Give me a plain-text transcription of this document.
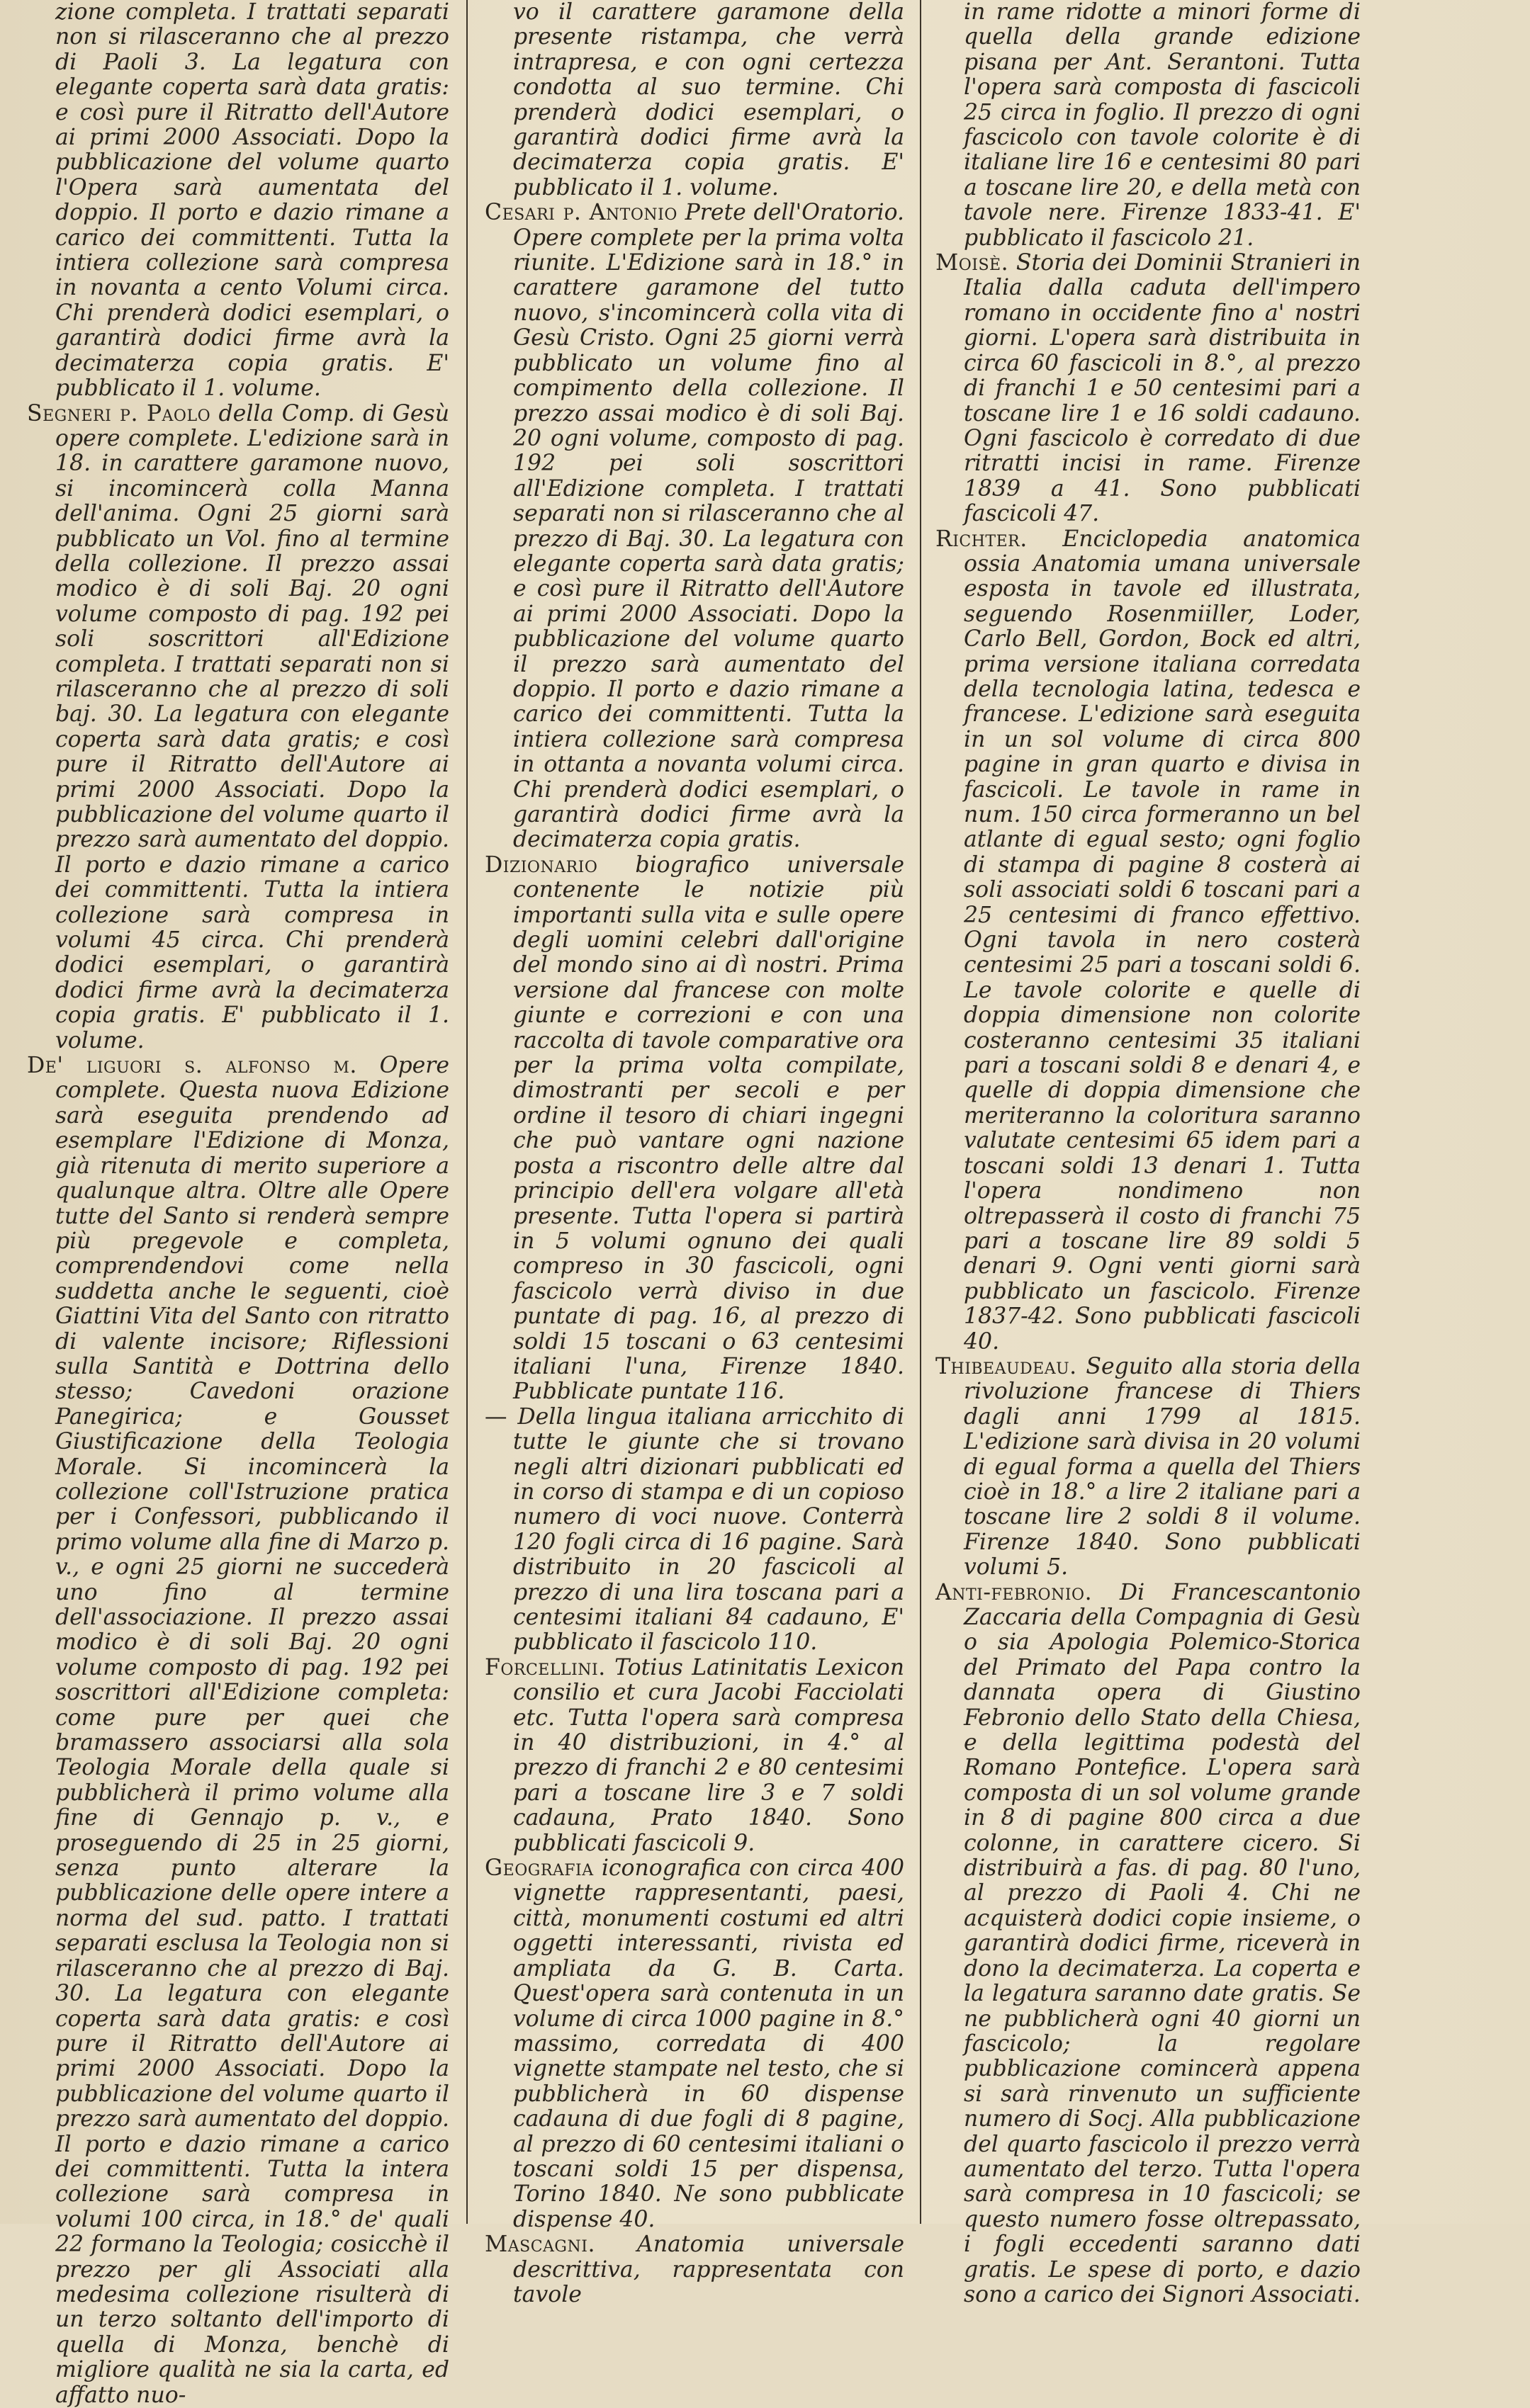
zione completa. I trattati separati non si rilasceranno che al prezzo di Paoli 3. La legatura con elegante coperta sarà data gratis: e così pure il Ritratto dell'Autore ai primi 2000 Associati. Dopo la pubblicazione del volume quarto l'Opera sarà aumentata del doppio. Il porto e dazio rimane a carico dei committenti. Tutta la intiera collezione sarà compresa in novanta a cento Volumi circa. Chi prenderà dodici esemplari, o garantirà dodici firme avrà la decimaterza copia gratis. E' pubblicato il 1. volume.

Segneri p. Paolo della Comp. di Gesù opere complete. L'edizione sarà in 18. in carattere garamone nuovo, si incomincerà colla Manna dell'anima. Ogni 25 giorni sarà pubblicato un Vol. fino al termine della collezione. Il prezzo assai modico è di soli Baj. 20 ogni volume composto di pag. 192 pei soli soscrittori all'Edizione completa. I trattati separati non si rilasceranno che al prezzo di soli baj. 30. La legatura con elegante coperta sarà data gratis; e così pure il Ritratto dell'Autore ai primi 2000 Associati. Dopo la pubblicazione del volume quarto il prezzo sarà aumentato del doppio. Il porto e dazio rimane a carico dei committenti. Tutta la intiera collezione sarà compresa in volumi 45 circa. Chi prenderà dodici esemplari, o garantirà dodici firme avrà la decimaterza copia gratis. E' pubblicato il 1. volume.

De' liguori s. alfonso m. Opere complete. Questa nuova Edizione sarà eseguita prendendo ad esemplare l'Edizione di Monza, già ritenuta di merito superiore a qualunque altra. Oltre alle Opere tutte del Santo si renderà sempre più pregevole e completa, comprendendovi come nella suddetta anche le seguenti, cioè Giattini Vita del Santo con ritratto di valente incisore; Riflessioni sulla Santità e Dottrina dello stesso; Cavedoni orazione Panegirica; e Gousset Giustificazione della Teologia Morale. Si incomincerà la collezione coll'Istruzione pratica per i Confessori, pubblicando il primo volume alla fine di Marzo p. v., e ogni 25 giorni ne succederà uno fino al termine dell'associazione. Il prezzo assai modico è di soli Baj. 20 ogni volume composto di pag. 192 pei soscrittori all'Edizione completa: come pure per quei che bramassero associarsi alla sola Teologia Morale della quale si pubblicherà il primo volume alla fine di Gennajo p. v., e proseguendo di 25 in 25 giorni, senza punto alterare la pubblicazione delle opere intere a norma del sud. patto. I trattati separati esclusa la Teologia non si rilasceranno che al prezzo di Baj. 30. La legatura con elegante coperta sarà data gratis: e così pure il Ritratto dell'Autore ai primi 2000 Associati. Dopo la pubblicazione del volume quarto il prezzo sarà aumentato del doppio. Il porto e dazio rimane a carico dei committenti. Tutta la intera collezione sarà compresa in volumi 100 circa, in 18.° de' quali 22 formano la Teologia; cosicchè il prezzo per gli Associati alla medesima collezione risulterà di un terzo soltanto dell'importo di quella di Monza, benchè di migliore qualità ne sia la carta, ed affatto nuo-

vo il carattere garamone della presente ristampa, che verrà intrapresa, e con ogni certezza condotta al suo termine. Chi prenderà dodici esemplari, o garantirà dodici firme avrà la decimaterza copia gratis. E' pubblicato il 1. volume.

Cesari p. Antonio Prete dell'Oratorio. Opere complete per la prima volta riunite. L'Edizione sarà in 18.° in carattere garamone del tutto nuovo, s'incomincerà colla vita di Gesù Cristo. Ogni 25 giorni verrà pubblicato un volume fino al compimento della collezione. Il prezzo assai modico è di soli Baj. 20 ogni volume, composto di pag. 192 pei soli soscrittori all'Edizione completa. I trattati separati non si rilasceranno che al prezzo di Baj. 30. La legatura con elegante coperta sarà data gratis; e così pure il Ritratto dell'Autore ai primi 2000 Associati. Dopo la pubblicazione del volume quarto il prezzo sarà aumentato del doppio. Il porto e dazio rimane a carico dei committenti. Tutta la intiera collezione sarà compresa in ottanta a novanta volumi circa. Chi prenderà dodici esemplari, o garantirà dodici firme avrà la decimaterza copia gratis.

Dizionario biografico universale contenente le notizie più importanti sulla vita e sulle opere degli uomini celebri dall'origine del mondo sino ai dì nostri. Prima versione dal francese con molte giunte e correzioni e con una raccolta di tavole comparative ora per la prima volta compilate, dimostranti per secoli e per ordine il tesoro di chiari ingegni che può vantare ogni nazione posta a riscontro delle altre dal principio dell'era volgare all'età presente. Tutta l'opera si partirà in 5 volumi ognuno dei quali compreso in 30 fascicoli, ogni fascicolo verrà diviso in due puntate di pag. 16, al prezzo di soldi 15 toscani o 63 centesimi italiani l'una, Firenze 1840. Pubblicate puntate 116.

— Della lingua italiana arricchito di tutte le giunte che si trovano negli altri dizionari pubblicati ed in corso di stampa e di un copioso numero di voci nuove. Conterrà 120 fogli circa di 16 pagine. Sarà distribuito in 20 fascicoli al prezzo di una lira toscana pari a centesimi italiani 84 cadauno, E' pubblicato il fascicolo 110.

Forcellini. Totius Latinitatis Lexicon consilio et cura Jacobi Facciolati etc. Tutta l'opera sarà compresa in 40 distribuzioni, in 4.° al prezzo di franchi 2 e 80 centesimi pari a toscane lire 3 e 7 soldi cadauna, Prato 1840. Sono pubblicati fascicoli 9.

Geografia iconografica con circa 400 vignette rappresentanti, paesi, città, monumenti costumi ed altri oggetti interessanti, rivista ed ampliata da G. B. Carta. Quest'opera sarà contenuta in un volume di circa 1000 pagine in 8.° massimo, corredata di 400 vignette stampate nel testo, che si pubblicherà in 60 dispense cadauna di due fogli di 8 pagine, al prezzo di 60 centesimi italiani o toscani soldi 15 per dispensa, Torino 1840. Ne sono pubblicate dispense 40.

Mascagni. Anatomia universale descrittiva, rappresentata con tavole

in rame ridotte a minori forme di quella della grande edizione pisana per Ant. Serantoni. Tutta l'opera sarà composta di fascicoli 25 circa in foglio. Il prezzo di ogni fascicolo con tavole colorite è di italiane lire 16 e centesimi 80 pari a toscane lire 20, e della metà con tavole nere. Firenze 1833-41. E' pubblicato il fascicolo 21.

Moisè. Storia dei Dominii Stranieri in Italia dalla caduta dell'impero romano in occidente fino a' nostri giorni. L'opera sarà distribuita in circa 60 fascicoli in 8.°, al prezzo di franchi 1 e 50 centesimi pari a toscane lire 1 e 16 soldi cadauno. Ogni fascicolo è corredato di due ritratti incisi in rame. Firenze 1839 a 41. Sono pubblicati fascicoli 47.

Richter. Enciclopedia anatomica ossia Anatomia umana universale esposta in tavole ed illustrata, seguendo Rosenmiiller, Loder, Carlo Bell, Gordon, Bock ed altri, prima versione italiana corredata della tecnologia latina, tedesca e francese. L'edizione sarà eseguita in un sol volume di circa 800 pagine in gran quarto e divisa in fascicoli. Le tavole in rame in num. 150 circa formeranno un bel atlante di egual sesto; ogni foglio di stampa di pagine 8 costerà ai soli associati soldi 6 toscani pari a 25 centesimi di franco effettivo. Ogni tavola in nero costerà centesimi 25 pari a toscani soldi 6. Le tavole colorite e quelle di doppia dimensione non colorite costeranno centesimi 35 italiani pari a toscani soldi 8 e denari 4, e quelle di doppia dimensione che meriteranno la coloritura saranno valutate centesimi 65 idem pari a toscani soldi 13 denari 1. Tutta l'opera nondimeno non oltrepasserà il costo di franchi 75 pari a toscane lire 89 soldi 5 denari 9. Ogni venti giorni sarà pubblicato un fascicolo. Firenze 1837-42. Sono pubblicati fascicoli 40.

Thibeaudeau. Seguito alla storia della rivoluzione francese di Thiers dagli anni 1799 al 1815. L'edizione sarà divisa in 20 volumi di egual forma a quella del Thiers cioè in 18.° a lire 2 italiane pari a toscane lire 2 soldi 8 il volume. Firenze 1840. Sono pubblicati volumi 5.

Anti-febronio. Di Francescantonio Zaccaria della Compagnia di Gesù o sia Apologia Polemico-Storica del Primato del Papa contro la dannata opera di Giustino Febronio dello Stato della Chiesa, e della legittima podestà del Romano Pontefice. L'opera sarà composta di un sol volume grande in 8 di pagine 800 circa a due colonne, in carattere cicero. Si distribuirà a fas. di pag. 80 l'uno, al prezzo di Paoli 4. Chi ne acquisterà dodici copie insieme, o garantirà dodici firme, riceverà in dono la decimaterza. La coperta e la legatura saranno date gratis. Se ne pubblicherà ogni 40 giorni un fascicolo; la regolare pubblicazione comincerà appena si sarà rinvenuto un sufficiente numero di Socj. Alla pubblicazione del quarto fascicolo il prezzo verrà aumentato del terzo. Tutta l'opera sarà compresa in 10 fascicoli; se questo numero fosse oltrepassato, i fogli eccedenti saranno dati gratis. Le spese di porto, e dazio sono a carico dei Signori Associati.
